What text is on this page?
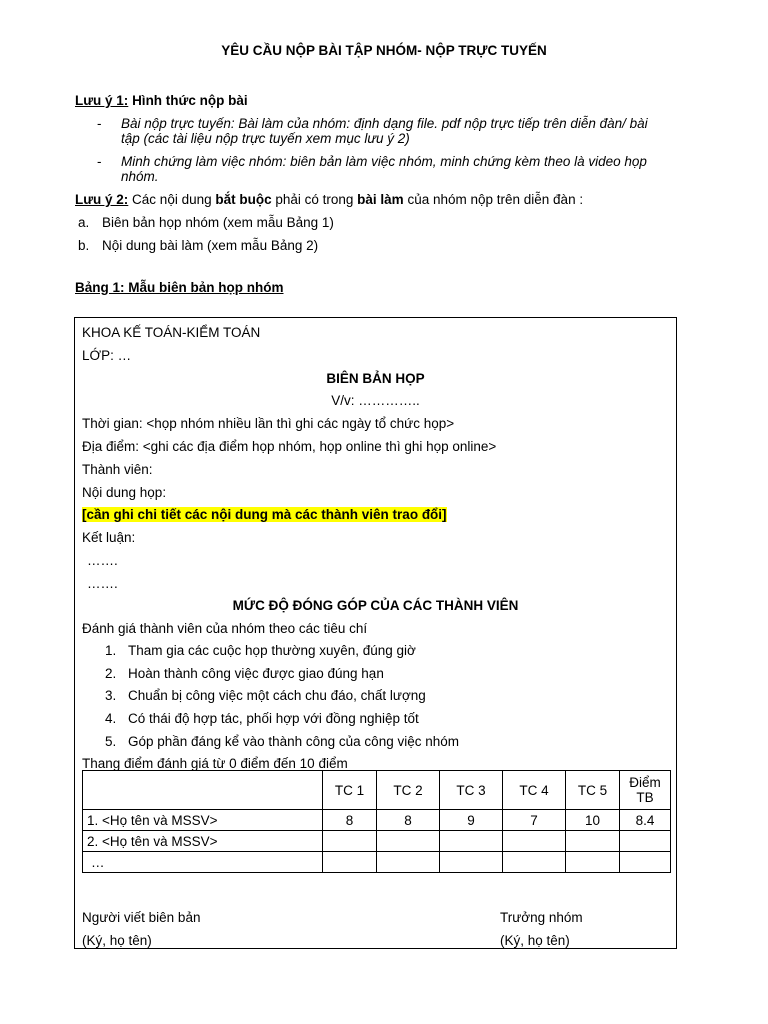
YÊU CẦU NỘP BÀI TẬP NHÓM- NỘP TRỰC TUYẾN
Lưu ý 1: Hình thức nộp bài
- Bài nộp trực tuyến: Bài làm của nhóm: định dạng file. pdf nộp trực tiếp trên diễn đàn/ bài
tập (các tài liệu nộp trực tuyến xem mục lưu ý 2)
- Minh chứng làm việc nhóm: biên bản làm việc nhóm, minh chứng kèm theo là video họp
nhóm.
Lưu ý 2: Các nội dung bắt buộc phải có trong bài làm của nhóm nộp trên diễn đàn :
a. Biên bản họp nhóm (xem mẫu Bảng 1)
b. Nội dung bài làm (xem mẫu Bảng 2)
Bảng 1: Mẫu biên bản họp nhóm
KHOA KẾ TOÁN-KIỂM TOÁN
LỚP: …
BIÊN BẢN HỌP
V/v: …………..
Thời gian: <họp nhóm nhiều lần thì ghi các ngày tổ chức họp>
Địa điểm: <ghi các địa điểm họp nhóm, họp online thì ghi họp online>
Thành viên:
Nội dung họp:
[cần ghi chi tiết các nội dung mà các thành viên trao đổi]
Kết luận:
…….
…….
MỨC ĐỘ ĐÓNG GÓP CỦA CÁC THÀNH VIÊN
Đánh giá thành viên của nhóm theo các tiêu chí
1. Tham gia các cuộc họp thường xuyên, đúng giờ
2. Hoàn thành công việc được giao đúng hạn
3. Chuẩn bị công việc một cách chu đáo, chất lượng
4. Có thái độ hợp tác, phối hợp với đồng nghiệp tốt
5. Góp phần đáng kể vào thành công của công việc nhóm
Thang điểm đánh giá từ 0 điểm đến 10 điểm
	TC 1	TC 2	TC 3	TC 4	TC 5	Điểm
TB

1. <Họ tên và MSSV>	8	8	9	7	10	8.4
2. <Họ tên và MSSV>						
…						
Người viết biên bản
(Ký, họ tên)
Trưởng nhóm
(Ký, họ tên)
